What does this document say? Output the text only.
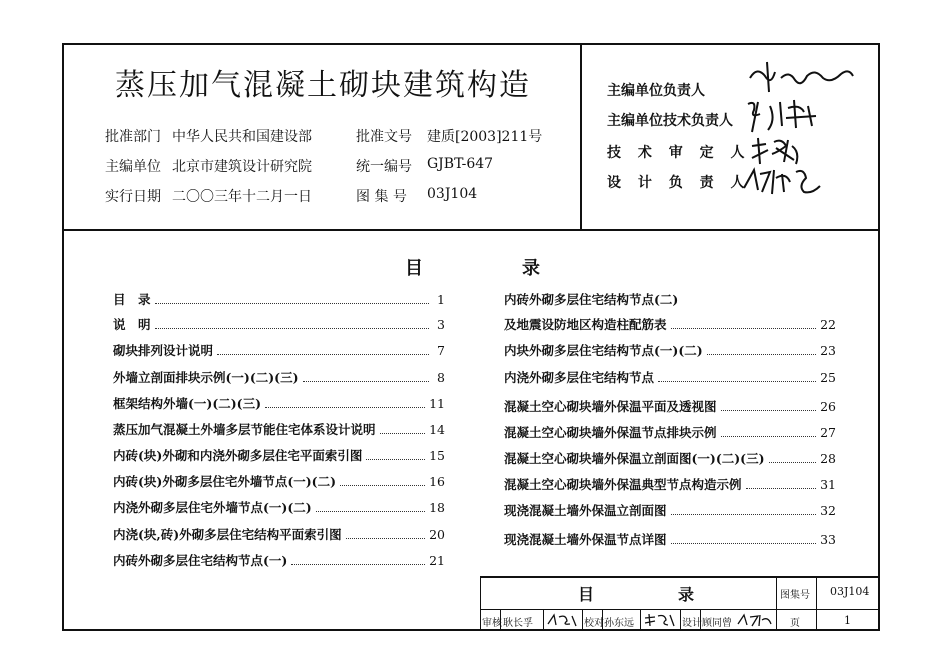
蒸压加气混凝土砌块建筑构造
批准部门 中华人民共和国建设部	批准文号 建质[2003]211号
主编单位 北京市建筑设计研究院	统一编号 GJBT-647
实行日期 二〇〇三年十二月一日	图 集 号 03J104
主编单位负责人
主编单位技术负责人
技 术 审 定 人
设 计 负 责 人
目	录
目　录	1
说　明	3
砌块排列设计说明	7
外墙立剖面排块示例(一)(二)(三)	8
框架结构外墙(一)(二)(三)	11
蒸压加气混凝土外墙多层节能住宅体系设计说明	14
内砖(块)外砌和内浇外砌多层住宅平面索引图	15
内砖(块)外砌多层住宅外墙节点(一)(二)	16
内浇外砌多层住宅外墙节点(一)(二)	18
内浇(块,砖)外砌多层住宅结构平面索引图	20
内砖外砌多层住宅结构节点(一)	21
内砖外砌多层住宅结构节点(二)
及地震设防地区构造柱配筋表	22
内块外砌多层住宅结构节点(一)(二)	23
内浇外砌多层住宅结构节点	25
混凝土空心砌块墙外保温平面及透视图	26
混凝土空心砌块墙外保温节点排块示例	27
混凝土空心砌块墙外保温立剖面图(一)(二)(三)	28
混凝土空心砌块墙外保温典型节点构造示例	31
现浇混凝土墙外保温立剖面图	32
现浇混凝土墙外保温节点详图	33
目	录	图集号 03J104
审核 耿长孚	校对 孙东远	设计 顾同曾	页	1
